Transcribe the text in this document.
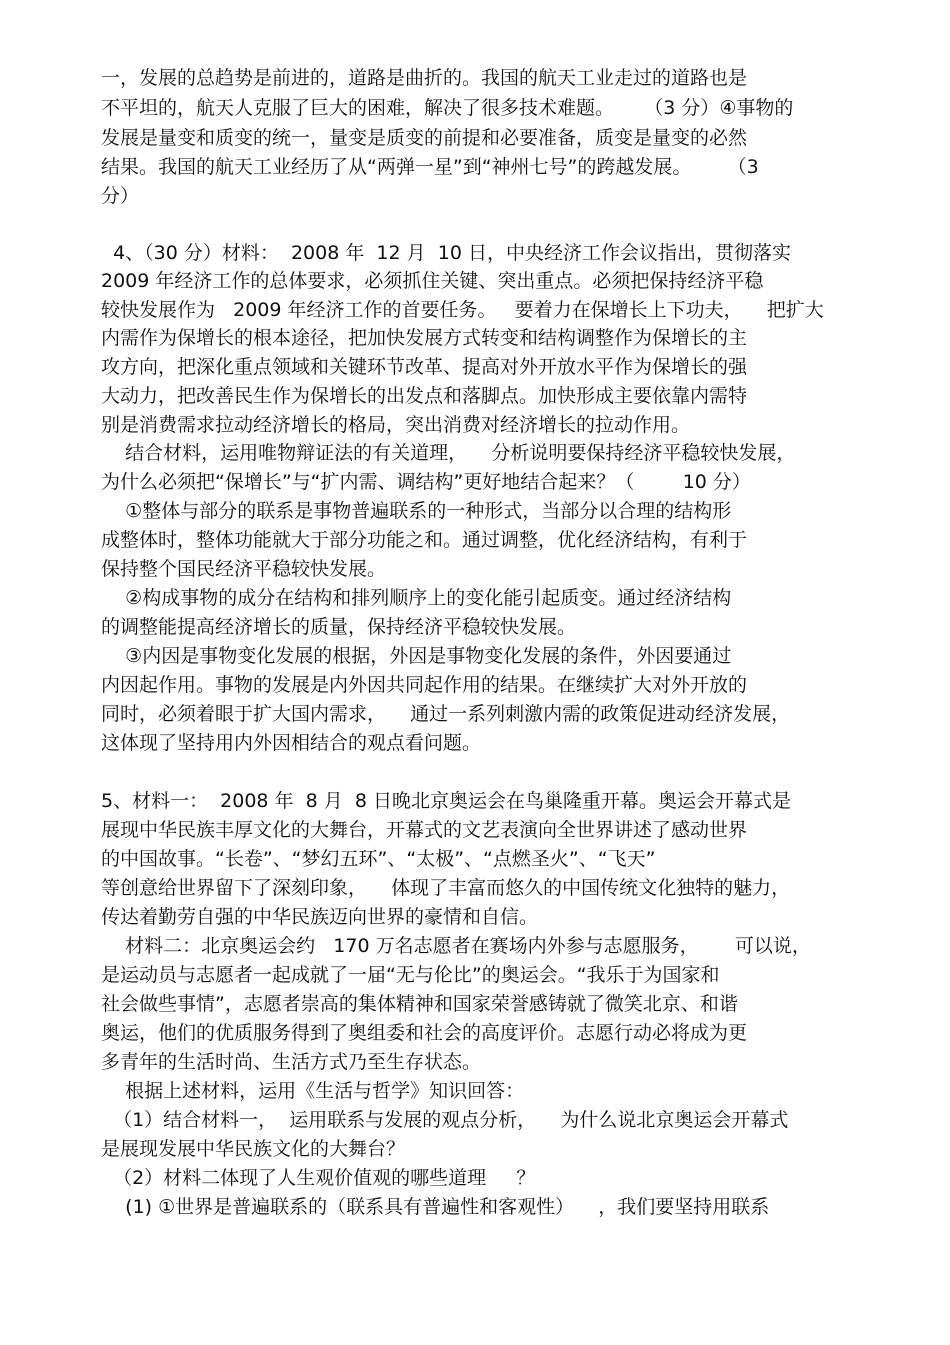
一，发展的总趋势是前进的，道路是曲折的。我国的航天工业走过的道路也是
不平坦的，航天人克服了巨大的困难，解决了很多技术难题。     （3 分）④事物的
发展是量变和质变的统一，量变是质变的前提和必要准备，质变是量变的必然
结果。我国的航天工业经历了从“两弹一星”到“神州七号”的跨越发展。      （3
分）
4、（30 分）材料：  2008 年  12 月  10 日，中央经济工作会议指出，贯彻落实
2009 年经济工作的总体要求，必须抓住关键、突出重点。必须把保持经济平稳
较快发展作为   2009 年经济工作的首要任务。   要着力在保增长上下功夫，    把扩大
内需作为保增长的根本途径，把加快发展方式转变和结构调整作为保增长的主
攻方向，把深化重点领域和关键环节改革、提高对外开放水平作为保增长的强
大动力，把改善民生作为保增长的出发点和落脚点。加快形成主要依靠内需特
别是消费需求拉动经济增长的格局，突出消费对经济增长的拉动作用。
结合材料，运用唯物辩证法的有关道理，    分析说明要保持经济平稳较快发展，
为什么必须把“保增长”与“扩内需、调结构”更好地结合起来？（        10 分）
①整体与部分的联系是事物普遍联系的一种形式，当部分以合理的结构形
成整体时，整体功能就大于部分功能之和。通过调整，优化经济结构，有利于
保持整个国民经济平稳较快发展。
②构成事物的成分在结构和排列顺序上的变化能引起质变。通过经济结构
的调整能提高经济增长的质量，保持经济平稳较快发展。
③内因是事物变化发展的根据，外因是事物变化发展的条件，外因要通过
内因起作用。事物的发展是内外因共同起作用的结果。在继续扩大对外开放的
同时，必须着眼于扩大国内需求，    通过一系列刺激内需的政策促进动经济发展，
这体现了坚持用内外因相结合的观点看问题。
5、材料一：  2008 年  8 月  8 日晚北京奥运会在鸟巢隆重开幕。奥运会开幕式是
展现中华民族丰厚文化的大舞台，开幕式的文艺表演向全世界讲述了感动世界
的中国故事。“长卷”、“梦幻五环”、“太极”、“点燃圣火”、“飞天”
等创意给世界留下了深刻印象，    体现了丰富而悠久的中国传统文化独特的魅力，
传达着勤劳自强的中华民族迈向世界的豪情和自信。
材料二：北京奥运会约   170 万名志愿者在赛场内外参与志愿服务，      可以说，
是运动员与志愿者一起成就了一届“无与伦比”的奥运会。“我乐于为国家和
社会做些事情”，志愿者崇高的集体精神和国家荣誉感铸就了微笑北京、和谐
奥运，他们的优质服务得到了奥组委和社会的高度评价。志愿行动必将成为更
多青年的生活时尚、生活方式乃至生存状态。
根据上述材料，运用《生活与哲学》知识回答：
（1）结合材料一，  运用联系与发展的观点分析，    为什么说北京奥运会开幕式
是展现发展中华民族文化的大舞台？
（2）材料二体现了人生观价值观的哪些道理     ？
(1) ①世界是普遍联系的（联系具有普遍性和客观性）    ，我们要坚持用联系
